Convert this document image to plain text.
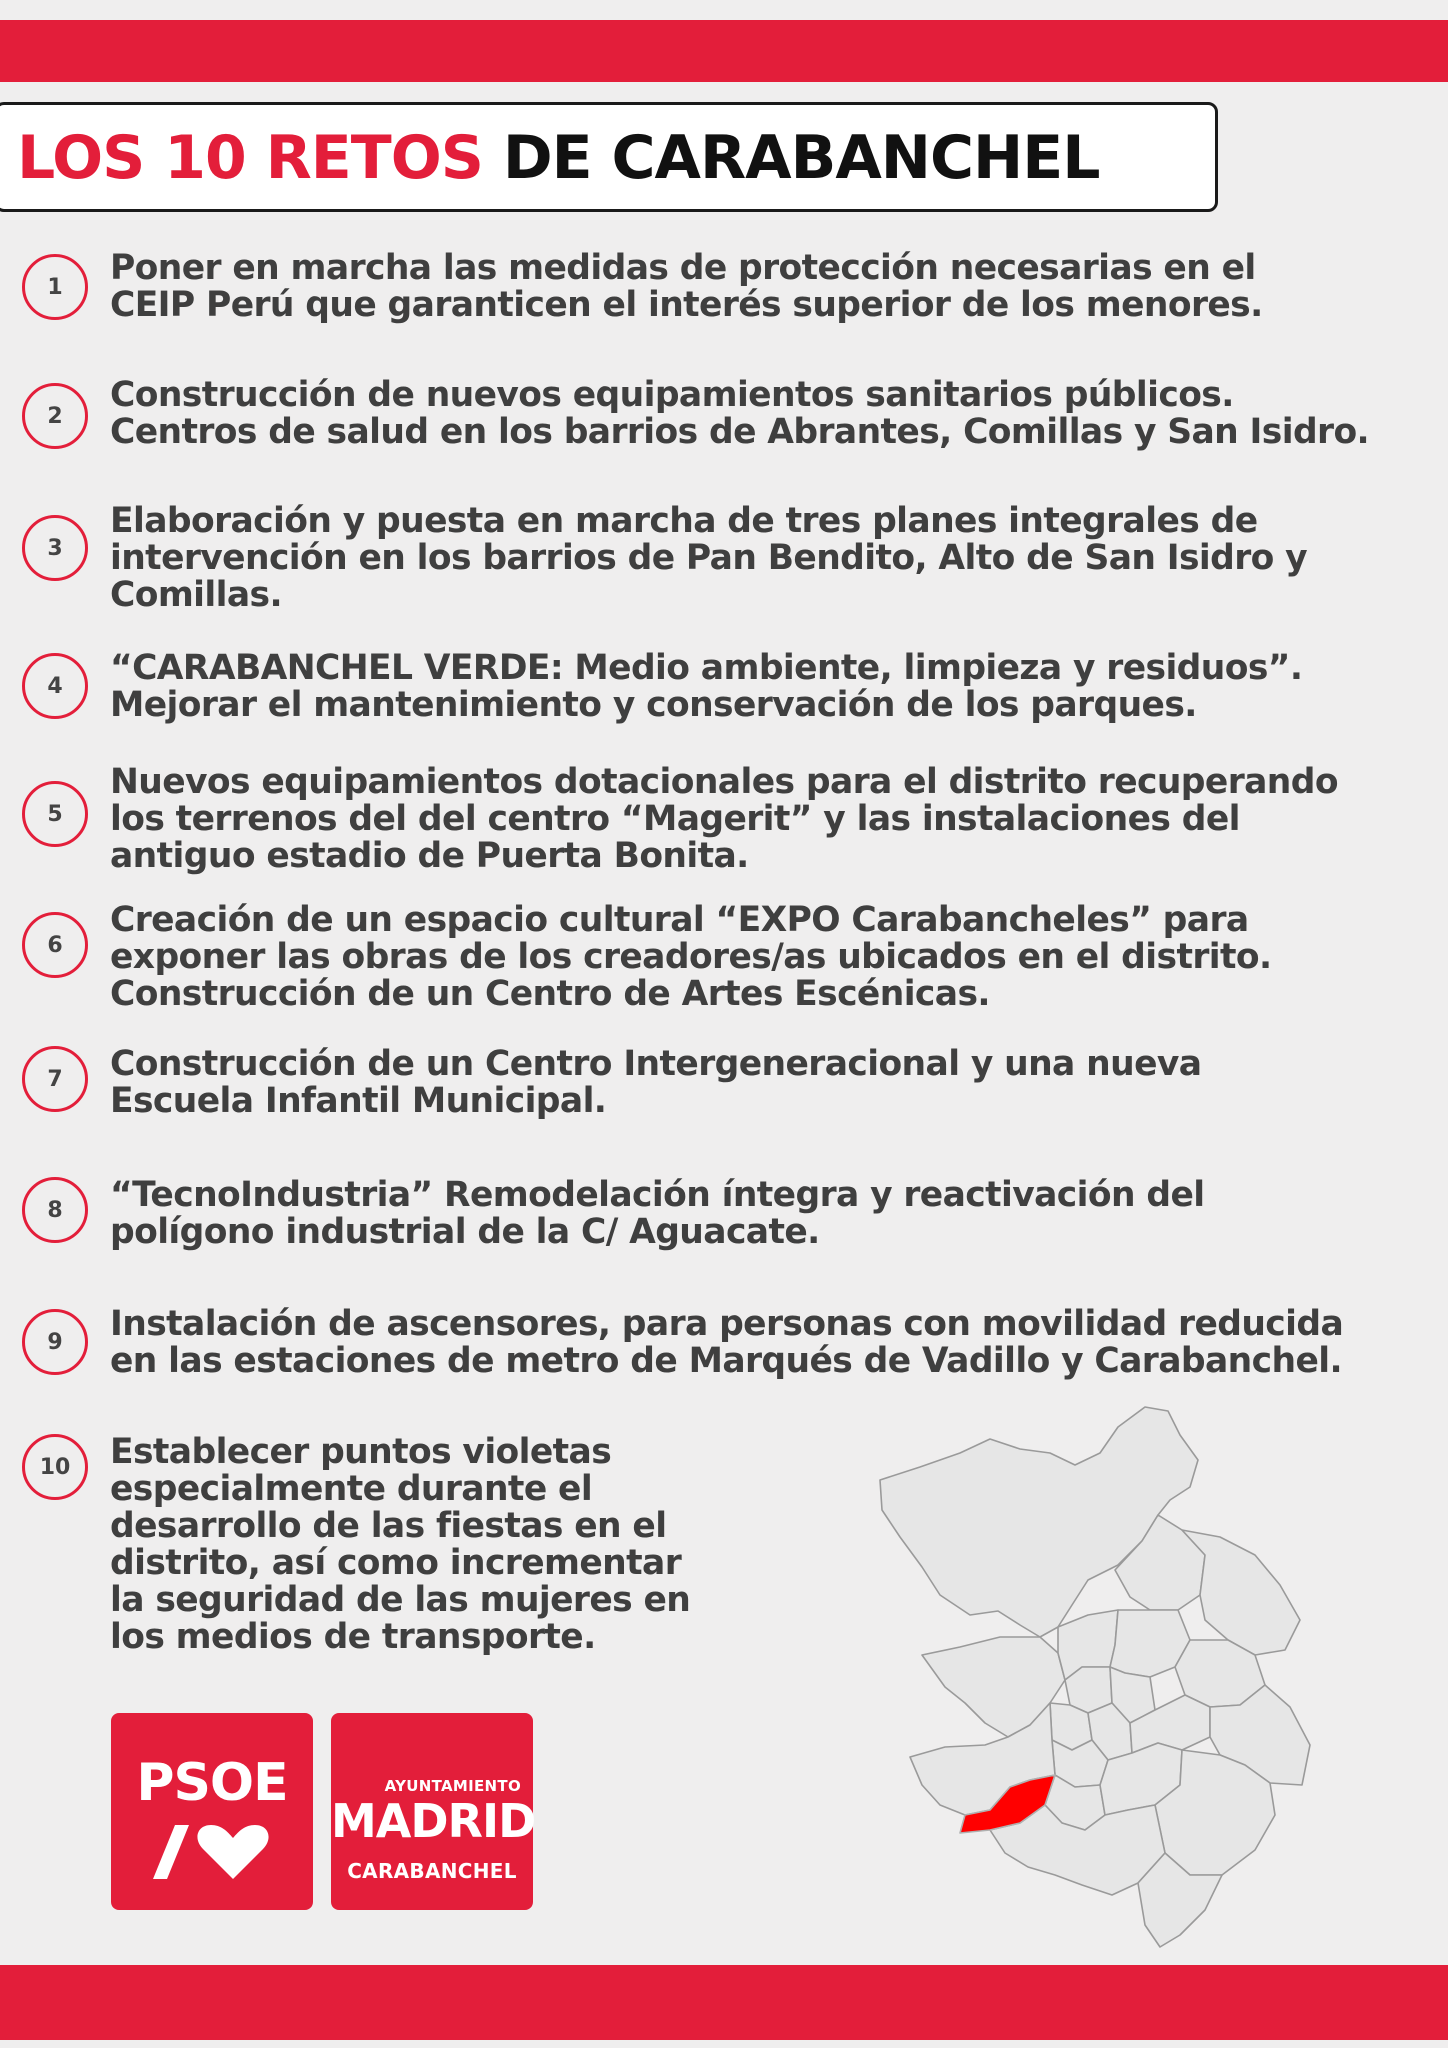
LOS 10 RETOS DE CARABANCHEL
1	Poner en marcha las medidas de protección necesarias en el
CEIP Perú que garanticen el interés superior de los menores.

2

Construcción de nuevos equipamientos sanitarios públicos.
Centros de salud en los barrios de Abrantes, Comillas y San Isidro.

3

Elaboración y puesta en marcha de tres planes integrales de
intervención en los barrios de Pan Bendito, Alto de San Isidro y
Comillas.

4	“CARABANCHEL VERDE: Medio ambiente, limpieza y residuos”.
Mejorar el mantenimiento y conservación de los parques.

5

Nuevos equipamientos dotacionales para el distrito recuperando
los terrenos del del centro “Magerit” y las instalaciones del
antiguo estadio de Puerta Bonita.

6

Creación de un espacio cultural “EXPO Carabancheles” para
exponer las obras de los creadores/as ubicados en el distrito.
Construcción de un Centro de Artes Escénicas.

7	Construcción de un Centro Intergeneracional y una nueva
Escuela Infantil Municipal.

8	“TecnoIndustria” Remodelación íntegra y reactivación del
polígono industrial de la C/ Aguacate.

9	Instalación de ascensores, para personas con movilidad reducida
en las estaciones de metro de Marqués de Vadillo y Carabanchel.

10	Establecer puntos violetas
especialmente durante el
desarrollo de las fiestas en el
distrito, así como incrementar
la seguridad de las mujeres en
los medios de transporte.

PSOE	AYUNTAMIENTO
MADRID
CARABANCHEL
